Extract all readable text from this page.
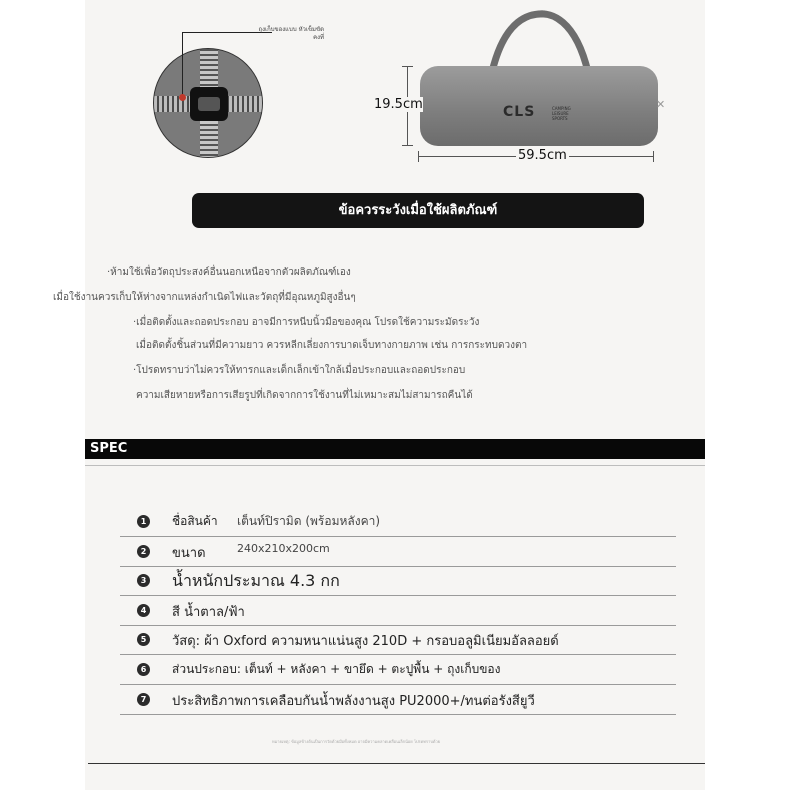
ถุงเก็บของแบบ หัวเข็มขัดคงที่
CLS	CAMPING LEISURE SPORTS
✕
19.5cm
59.5cm
ข้อควรระวังเมื่อใช้ผลิตภัณฑ์
·ห้ามใช้เพื่อวัตถุประสงค์อื่นนอกเหนือจากตัวผลิตภัณฑ์เอง
เมื่อใช้งานควรเก็บให้ห่างจากแหล่งกำเนิดไฟและวัตถุที่มีอุณหภูมิสูงอื่นๆ
·เมื่อติดตั้งและถอดประกอบ อาจมีการหนีบนิ้วมือของคุณ โปรดใช้ความระมัดระวัง
เมื่อติดตั้งชิ้นส่วนที่มีความยาว ควรหลีกเลี่ยงการบาดเจ็บทางกายภาพ เช่น การกระทบดวงตา
·โปรดทราบว่าไม่ควรให้ทารกและเด็กเล็กเข้าใกล้เมื่อประกอบและถอดประกอบ
ความเสียหายหรือการเสียรูปที่เกิดจากการใช้งานที่ไม่เหมาะสมไม่สามารถคืนได้
SPEC
1	ชื่อสินค้า เต็นท์ปิรามิด (พร้อมหลังคา)
2 ขนาด	240x210x200cm
3 น้ำหนักประมาณ 4.3 กก
4 สี น้ำตาล/ฟ้า
5 วัสดุ: ผ้า Oxford ความหนาแน่นสูง 210D + กรอบอลูมิเนียมอัลลอยด์
6	ส่วนประกอบ: เต็นท์ + หลังคา + ขายึด + ตะปูพื้น + ถุงเก็บของ
7 ประสิทธิภาพการเคลือบกันน้ำพลังงานสูง PU2000+/ทนต่อรังสียูวี
หมายเหตุ: ข้อมูลข้างต้นเป็นการวัดด้วยมือทั้งหมด อาจมีความคลาดเคลื่อนเล็กน้อย โปรดทราบด้วย
